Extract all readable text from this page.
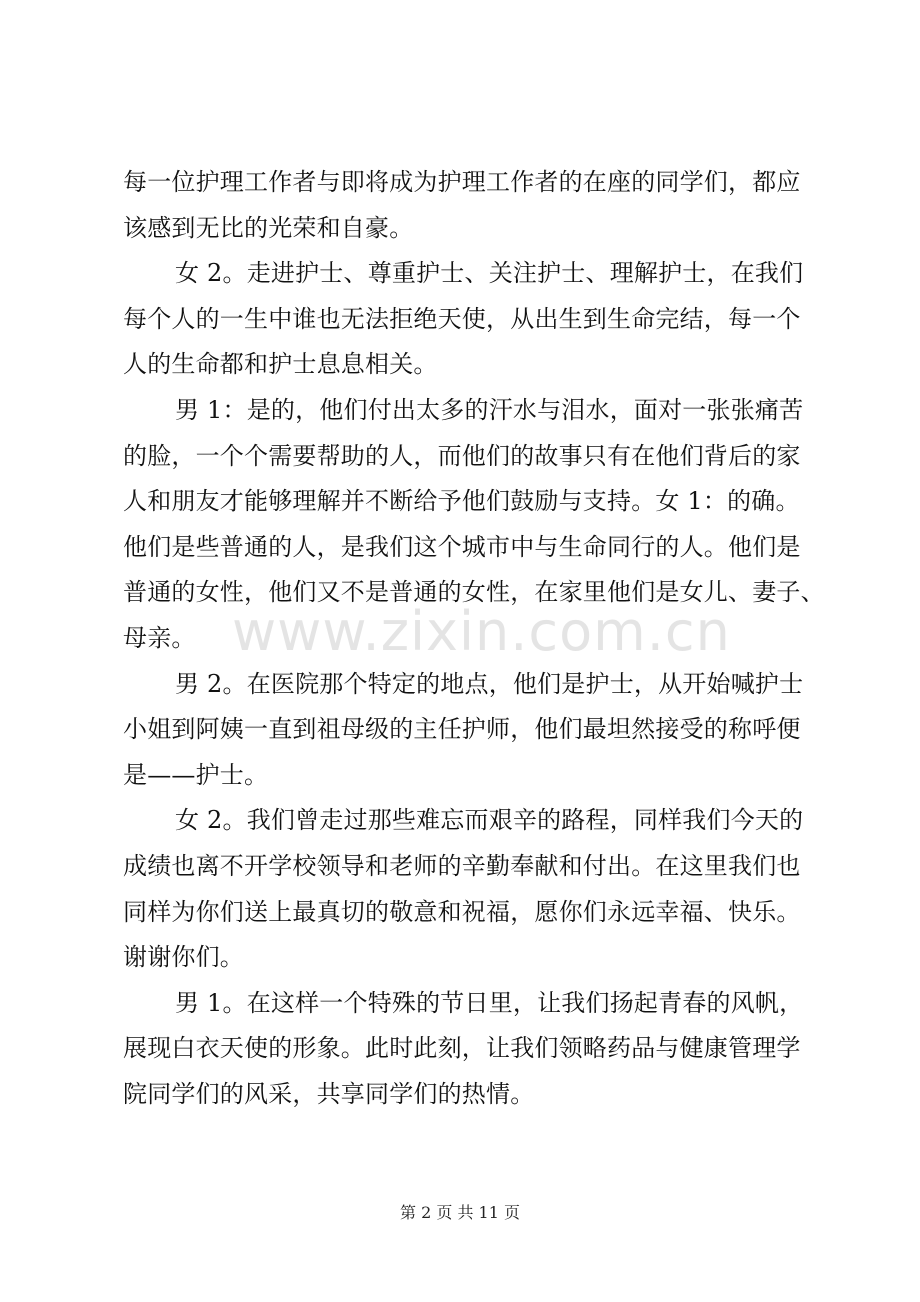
每一位护理工作者与即将成为护理工作者的在座的同学们，都应
该感到无比的光荣和自豪。
女 2。走进护士、尊重护士、关注护士、理解护士，在我们
每个人的一生中谁也无法拒绝天使，从出生到生命完结，每一个
人的生命都和护士息息相关。
男 1：是的，他们付出太多的汗水与泪水，面对一张张痛苦
的脸，一个个需要帮助的人，而他们的故事只有在他们背后的家
人和朋友才能够理解并不断给予他们鼓励与支持。女 1：的确。
他们是些普通的人，是我们这个城市中与生命同行的人。他们是
普通的女性，他们又不是普通的女性，在家里他们是女儿、妻子、
母亲。
男 2。在医院那个特定的地点，他们是护士，从开始喊护士
小姐到阿姨一直到祖母级的主任护师，他们最坦然接受的称呼便
是——护士。
女 2。我们曾走过那些难忘而艰辛的路程，同样我们今天的
成绩也离不开学校领导和老师的辛勤奉献和付出。在这里我们也
同样为你们送上最真切的敬意和祝福，愿你们永远幸福、快乐。
谢谢你们。
男 1。在这样一个特殊的节日里，让我们扬起青春的风帆，
展现白衣天使的形象。此时此刻，让我们领略药品与健康管理学
院同学们的风采，共享同学们的热情。
www.zixin.com.cn
第 2 页 共 11 页
